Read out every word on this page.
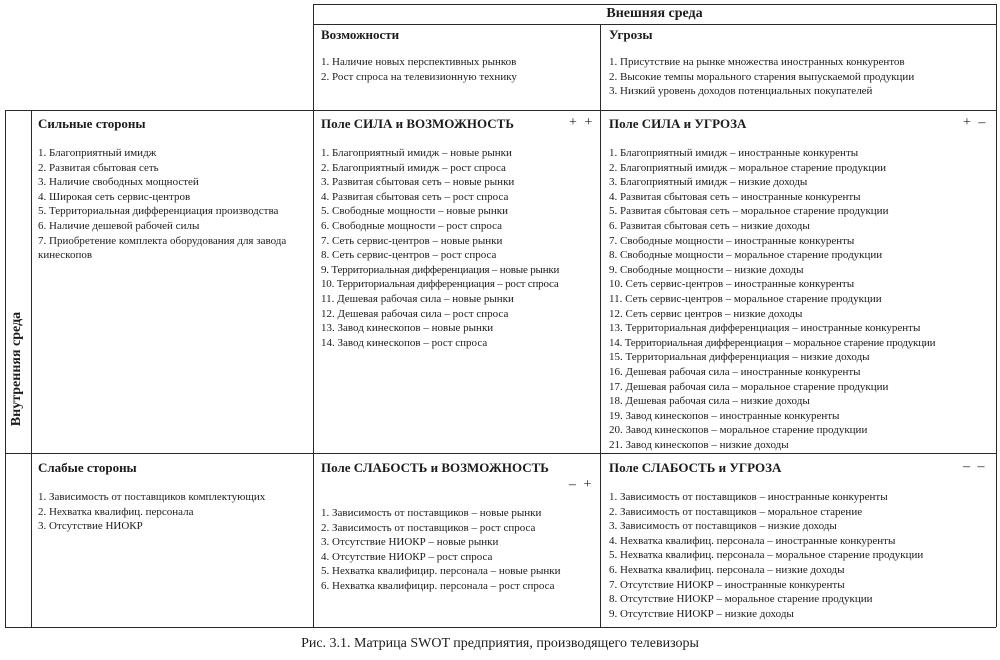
Внешняя среда
Внутренняя среда
Возможности
1. Наличие новых перспективных рынков
2. Рост спроса на телевизионную технику
Угрозы
1. Присутствие на рынке множества иностранных конкурентов
2. Высокие темпы морального старения выпускаемой продукции
3. Низкий уровень доходов потенциальных покупателей
Сильные стороны
1. Благоприятный имидж
2. Развитая сбытовая сеть
3. Наличие свободных мощностей
4. Широкая сеть сервис-центров
5. Территориальная дифференциация производства
6. Наличие дешевой рабочей силы
7. Приобретение комплекта оборудования для завода кинескопов
Поле СИЛА и ВОЗМОЖНОСТЬ
1. Благоприятный имидж – новые рынки
2. Благоприятный имидж – рост спроса
3. Развитая сбытовая сеть – новые рынки
4. Развитая сбытовая сеть – рост спроса
5. Свободные мощности – новые рынки
6. Свободные мощности – рост спроса
7. Сеть сервис-центров – новые рынки
8. Сеть сервис-центров – рост спроса
9. Территориальная дифференциация – новые рынки
10. Территориальная дифференциация – рост спроса
11. Дешевая рабочая сила – новые рынки
12. Дешевая рабочая сила – рост спроса
13. Завод кинескопов – новые рынки
14. Завод кинескопов – рост спроса
+ + Поле СИЛА и УГРОЗА
1. Благоприятный имидж – иностранные конкуренты
2. Благоприятный имидж – моральное старение продукции
3. Благоприятный имидж – низкие доходы
4. Развитая сбытовая сеть – иностранные конкуренты
5. Развитая сбытовая сеть – моральное старение продукции
6. Развитая сбытовая сеть – низкие доходы
7. Свободные мощности – иностранные конкуренты
8. Свободные мощности – моральное старение продукции
9. Свободные мощности – низкие доходы
10. Сеть сервис-центров – иностранные конкуренты
11. Сеть сервис-центров – моральное старение продукции
12. Сеть сервис центров – низкие доходы
13. Территориальная дифференциация – иностранные конкуренты
14. Территориальная дифференциация – моральное старение продукции
15. Территориальная дифференциация – низкие доходы
16. Дешевая рабочая сила – иностранные конкуренты
17. Дешевая рабочая сила – моральное старение продукции
18. Дешевая рабочая сила – низкие доходы
19. Завод кинескопов – иностранные конкуренты
20. Завод кинескопов – моральное старение продукции
21. Завод кинескопов – низкие доходы
+ –
Слабые стороны
1. Зависимость от поставщиков комплектующих
2. Нехватка квалифиц. персонала
3. Отсутствие НИОКР
Поле СЛАБОСТЬ и ВОЗМОЖНОСТЬ
1. Зависимость от поставщиков – новые рынки
2. Зависимость от поставщиков – рост спроса
3. Отсутствие НИОКР – новые рынки
4. Отсутствие НИОКР – рост спроса
5. Нехватка квалифицир. персонала – новые рынки
6. Нехватка квалифицир. персонала – рост спроса
– +
Поле СЛАБОСТЬ и УГРОЗА
1. Зависимость от поставщиков – иностранные конкуренты
2. Зависимость от поставщиков – моральное старение
3. Зависимость от поставщиков – низкие доходы
4. Нехватка квалифиц. персонала – иностранные конкуренты
5. Нехватка квалифиц. персонала – моральное старение продукции
6. Нехватка квалифиц. персонала – низкие доходы
7. Отсутствие НИОКР – иностранные конкуренты
8. Отсутствие НИОКР – моральное старение продукции
9. Отсутствие НИОКР – низкие доходы
– –
Рис. 3.1. Матрица SWOT предприятия, производящего телевизоры
